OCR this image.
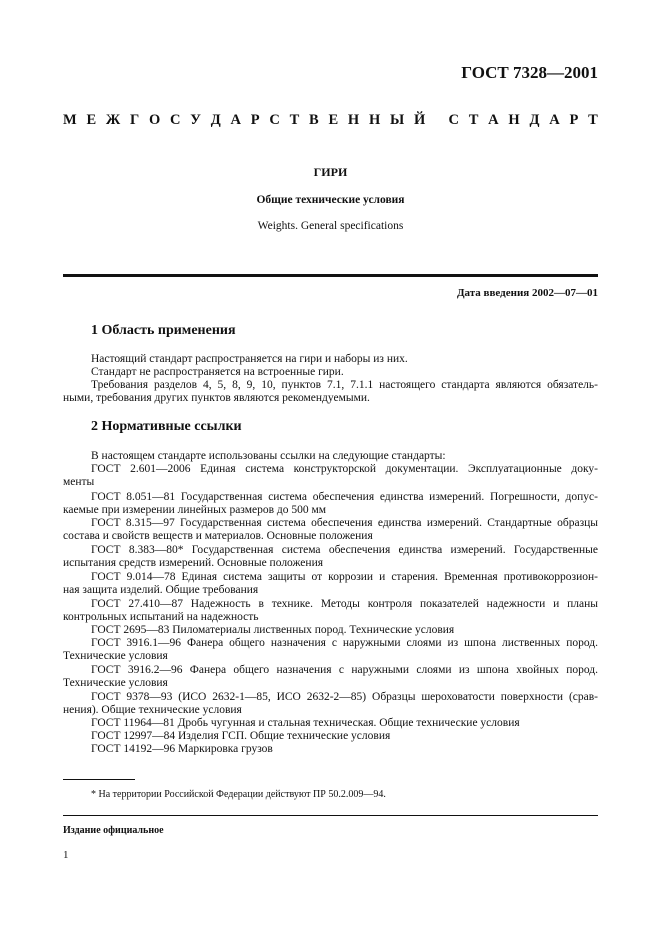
ГОСТ 7328—2001
М Е Ж Г О С У Д А Р С Т В Е Н Н Ы Й
С Т А Н Д А Р Т
ГИРИ
Общие технические условия
Weights. General specifications
Дата введения 2002—07—01
1 Область применения
Настоящий стандарт распространяется на гири и наборы из них.
Стандарт не распространяется на встроенные гири.
Требования разделов 4, 5, 8, 9, 10, пунктов 7.1, 7.1.1 настоящего стандарта являются обязатель-
ными, требования других пунктов являются рекомендуемыми.
2 Нормативные ссылки
В настоящем стандарте использованы ссылки на следующие стандарты:
ГОСТ 2.601—2006 Единая система конструкторской документации. Эксплуатационные доку-
менты
ГОСТ 8.051—81 Государственная система обеспечения единства измерений. Погрешности, допус-
каемые при измерении линейных размеров до 500 мм
ГОСТ 8.315—97 Государственная система обеспечения единства измерений. Стандартные образцы
состава и свойств веществ и материалов. Основные положения
ГОСТ 8.383—80* Государственная система обеспечения единства измерений. Государственные
испытания средств измерений. Основные положения
ГОСТ 9.014—78 Единая система защиты от коррозии и старения. Временная противокоррозион-
ная защита изделий. Общие требования
ГОСТ 27.410—87 Надежность в технике. Методы контроля показателей надежности и планы
контрольных испытаний на надежность
ГОСТ 2695—83 Пиломатериалы лиственных пород. Технические условия
ГОСТ 3916.1—96 Фанера общего назначения с наружными слоями из шпона лиственных пород.
Технические условия
ГОСТ 3916.2—96 Фанера общего назначения с наружными слоями из шпона хвойных пород.
Технические условия
ГОСТ 9378—93 (ИСО 2632-1—85, ИСО 2632-2—85) Образцы шероховатости поверхности (срав-
нения). Общие технические условия
ГОСТ 11964—81 Дробь чугунная и стальная техническая. Общие технические условия
ГОСТ 12997—84 Изделия ГСП. Общие технические условия
ГОСТ 14192—96 Маркировка грузов
* На территории Российской Федерации действуют ПР 50.2.009—94.
Издание официальное
1
